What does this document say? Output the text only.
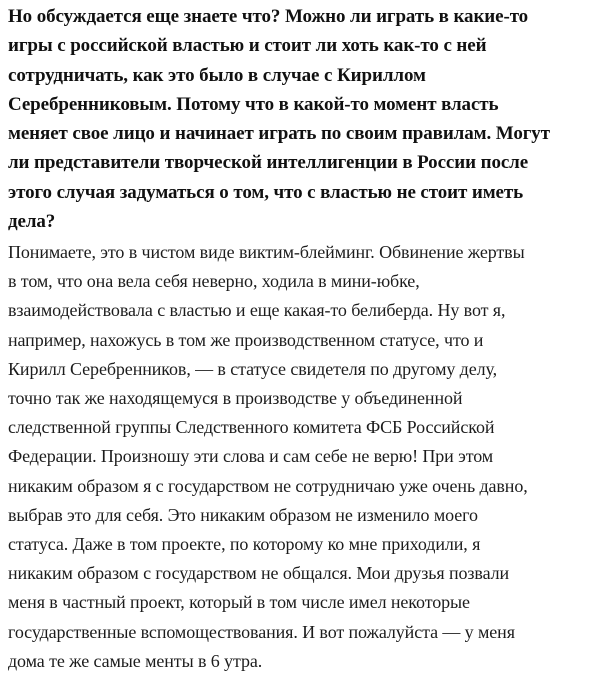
Но обсуждается еще знаете что? Можно ли играть в какие-то
игры с российской властью и стоит ли хоть как-то с ней
сотрудничать, как это было в случае с Кириллом
Серебренниковым. Потому что в какой-то момент власть
меняет свое лицо и начинает играть по своим правилам. Могут
ли представители творческой интеллигенции в России после
этого случая задуматься о том, что с властью не стоит иметь
дела?

Понимаете, это в чистом виде виктим-блейминг. Обвинение жертвы
в том, что она вела себя неверно, ходила в мини-юбке,
взаимодействовала с властью и еще какая-то белиберда. Ну вот я,
например, нахожусь в том же производственном статусе, что и
Кирилл Серебренников, — в статусе свидетеля по другому делу,
точно так же находящемуся в производстве у объединенной
следственной группы Следственного комитета ФСБ Российской
Федерации. Произношу эти слова и сам себе не верю! При этом
никаким образом я с государством не сотрудничаю уже очень давно,
выбрав это для себя. Это никаким образом не изменило моего
статуса. Даже в том проекте, по которому ко мне приходили, я
никаким образом с государством не общался. Мои друзья позвали
меня в частный проект, который в том числе имел некоторые
государственные вспомоществования. И вот пожалуйста — у меня
дома те же самые менты в 6 утра.
